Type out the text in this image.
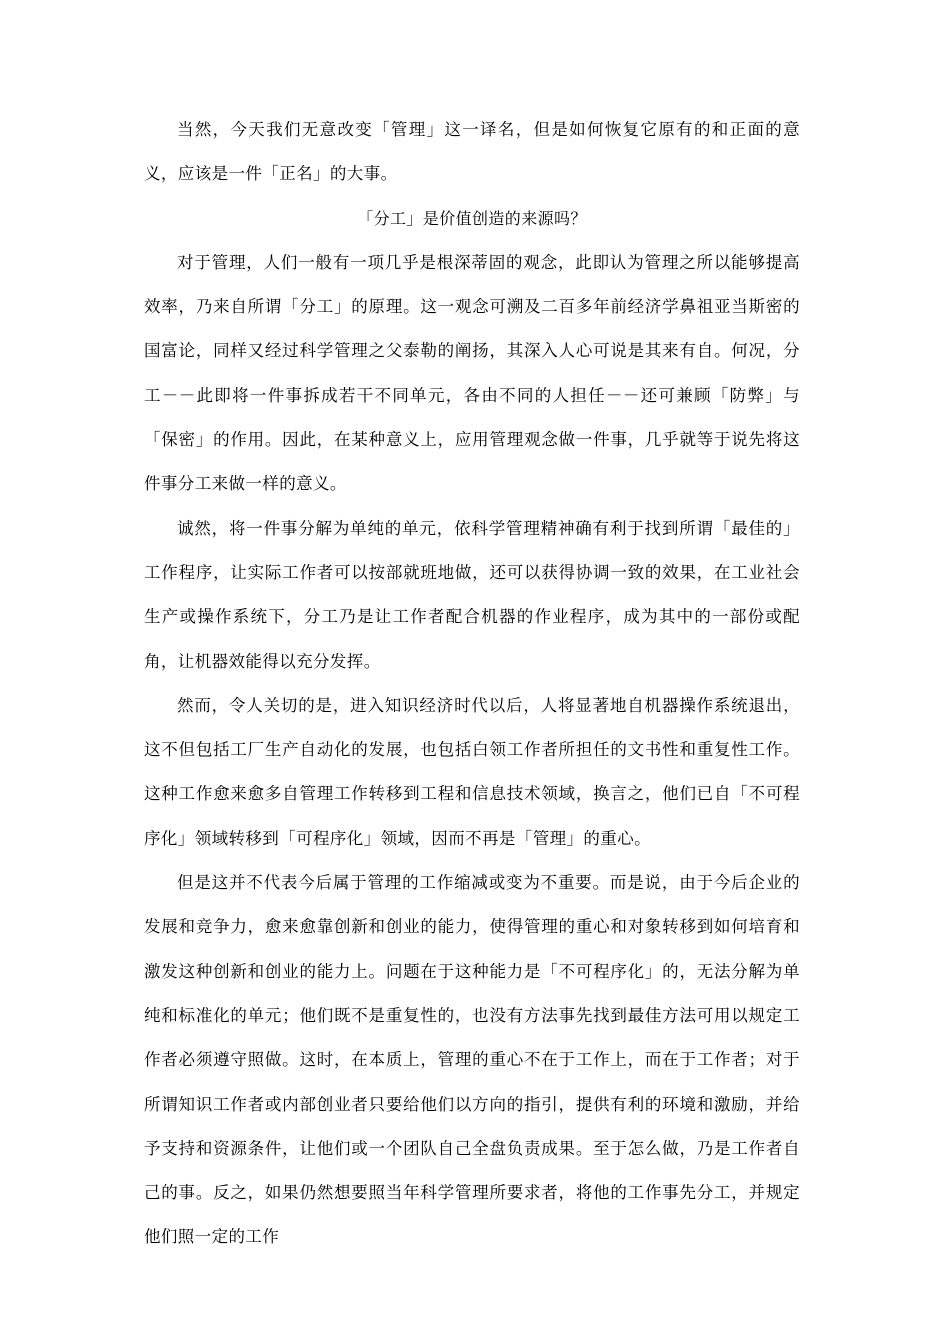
当然，今天我们无意改变「管理」这一译名，但是如何恢复它原有的和正面的意义，应该是一件「正名」的大事。

「分工」是价值创造的来源吗？

对于管理，人们一般有一项几乎是根深蒂固的观念，此即认为管理之所以能够提高效率，乃来自所谓「分工」的原理。这一观念可溯及二百多年前经济学鼻祖亚当斯密的国富论，同样又经过科学管理之父泰勒的阐扬，其深入人心可说是其来有自。何况，分工－－此即将一件事拆成若干不同单元，各由不同的人担任－－还可兼顾「防弊」与「保密」的作用。因此，在某种意义上，应用管理观念做一件事，几乎就等于说先将这件事分工来做一样的意义。

诚然，将一件事分解为单纯的单元，依科学管理精神确有利于找到所谓「最佳的」工作程序，让实际工作者可以按部就班地做，还可以获得协调一致的效果，在工业社会生产或操作系统下，分工乃是让工作者配合机器的作业程序，成为其中的一部份或配角，让机器效能得以充分发挥。

然而，令人关切的是，进入知识经济时代以后，人将显著地自机器操作系统退出，这不但包括工厂生产自动化的发展，也包括白领工作者所担任的文书性和重复性工作。这种工作愈来愈多自管理工作转移到工程和信息技术领域，换言之，他们已自「不可程序化」领域转移到「可程序化」领域，因而不再是「管理」的重心。

但是这并不代表今后属于管理的工作缩减或变为不重要。而是说，由于今后企业的发展和竞争力，愈来愈靠创新和创业的能力，使得管理的重心和对象转移到如何培育和激发这种创新和创业的能力上。问题在于这种能力是「不可程序化」的，无法分解为单纯和标准化的单元；他们既不是重复性的，也没有方法事先找到最佳方法可用以规定工作者必须遵守照做。这时，在本质上，管理的重心不在于工作上，而在于工作者；对于所谓知识工作者或内部创业者只要给他们以方向的指引，提供有利的环境和激励，并给予支持和资源条件，让他们或一个团队自己全盘负责成果。至于怎么做，乃是工作者自己的事。反之，如果仍然想要照当年科学管理所要求者，将他的工作事先分工，并规定他们照一定的工作
